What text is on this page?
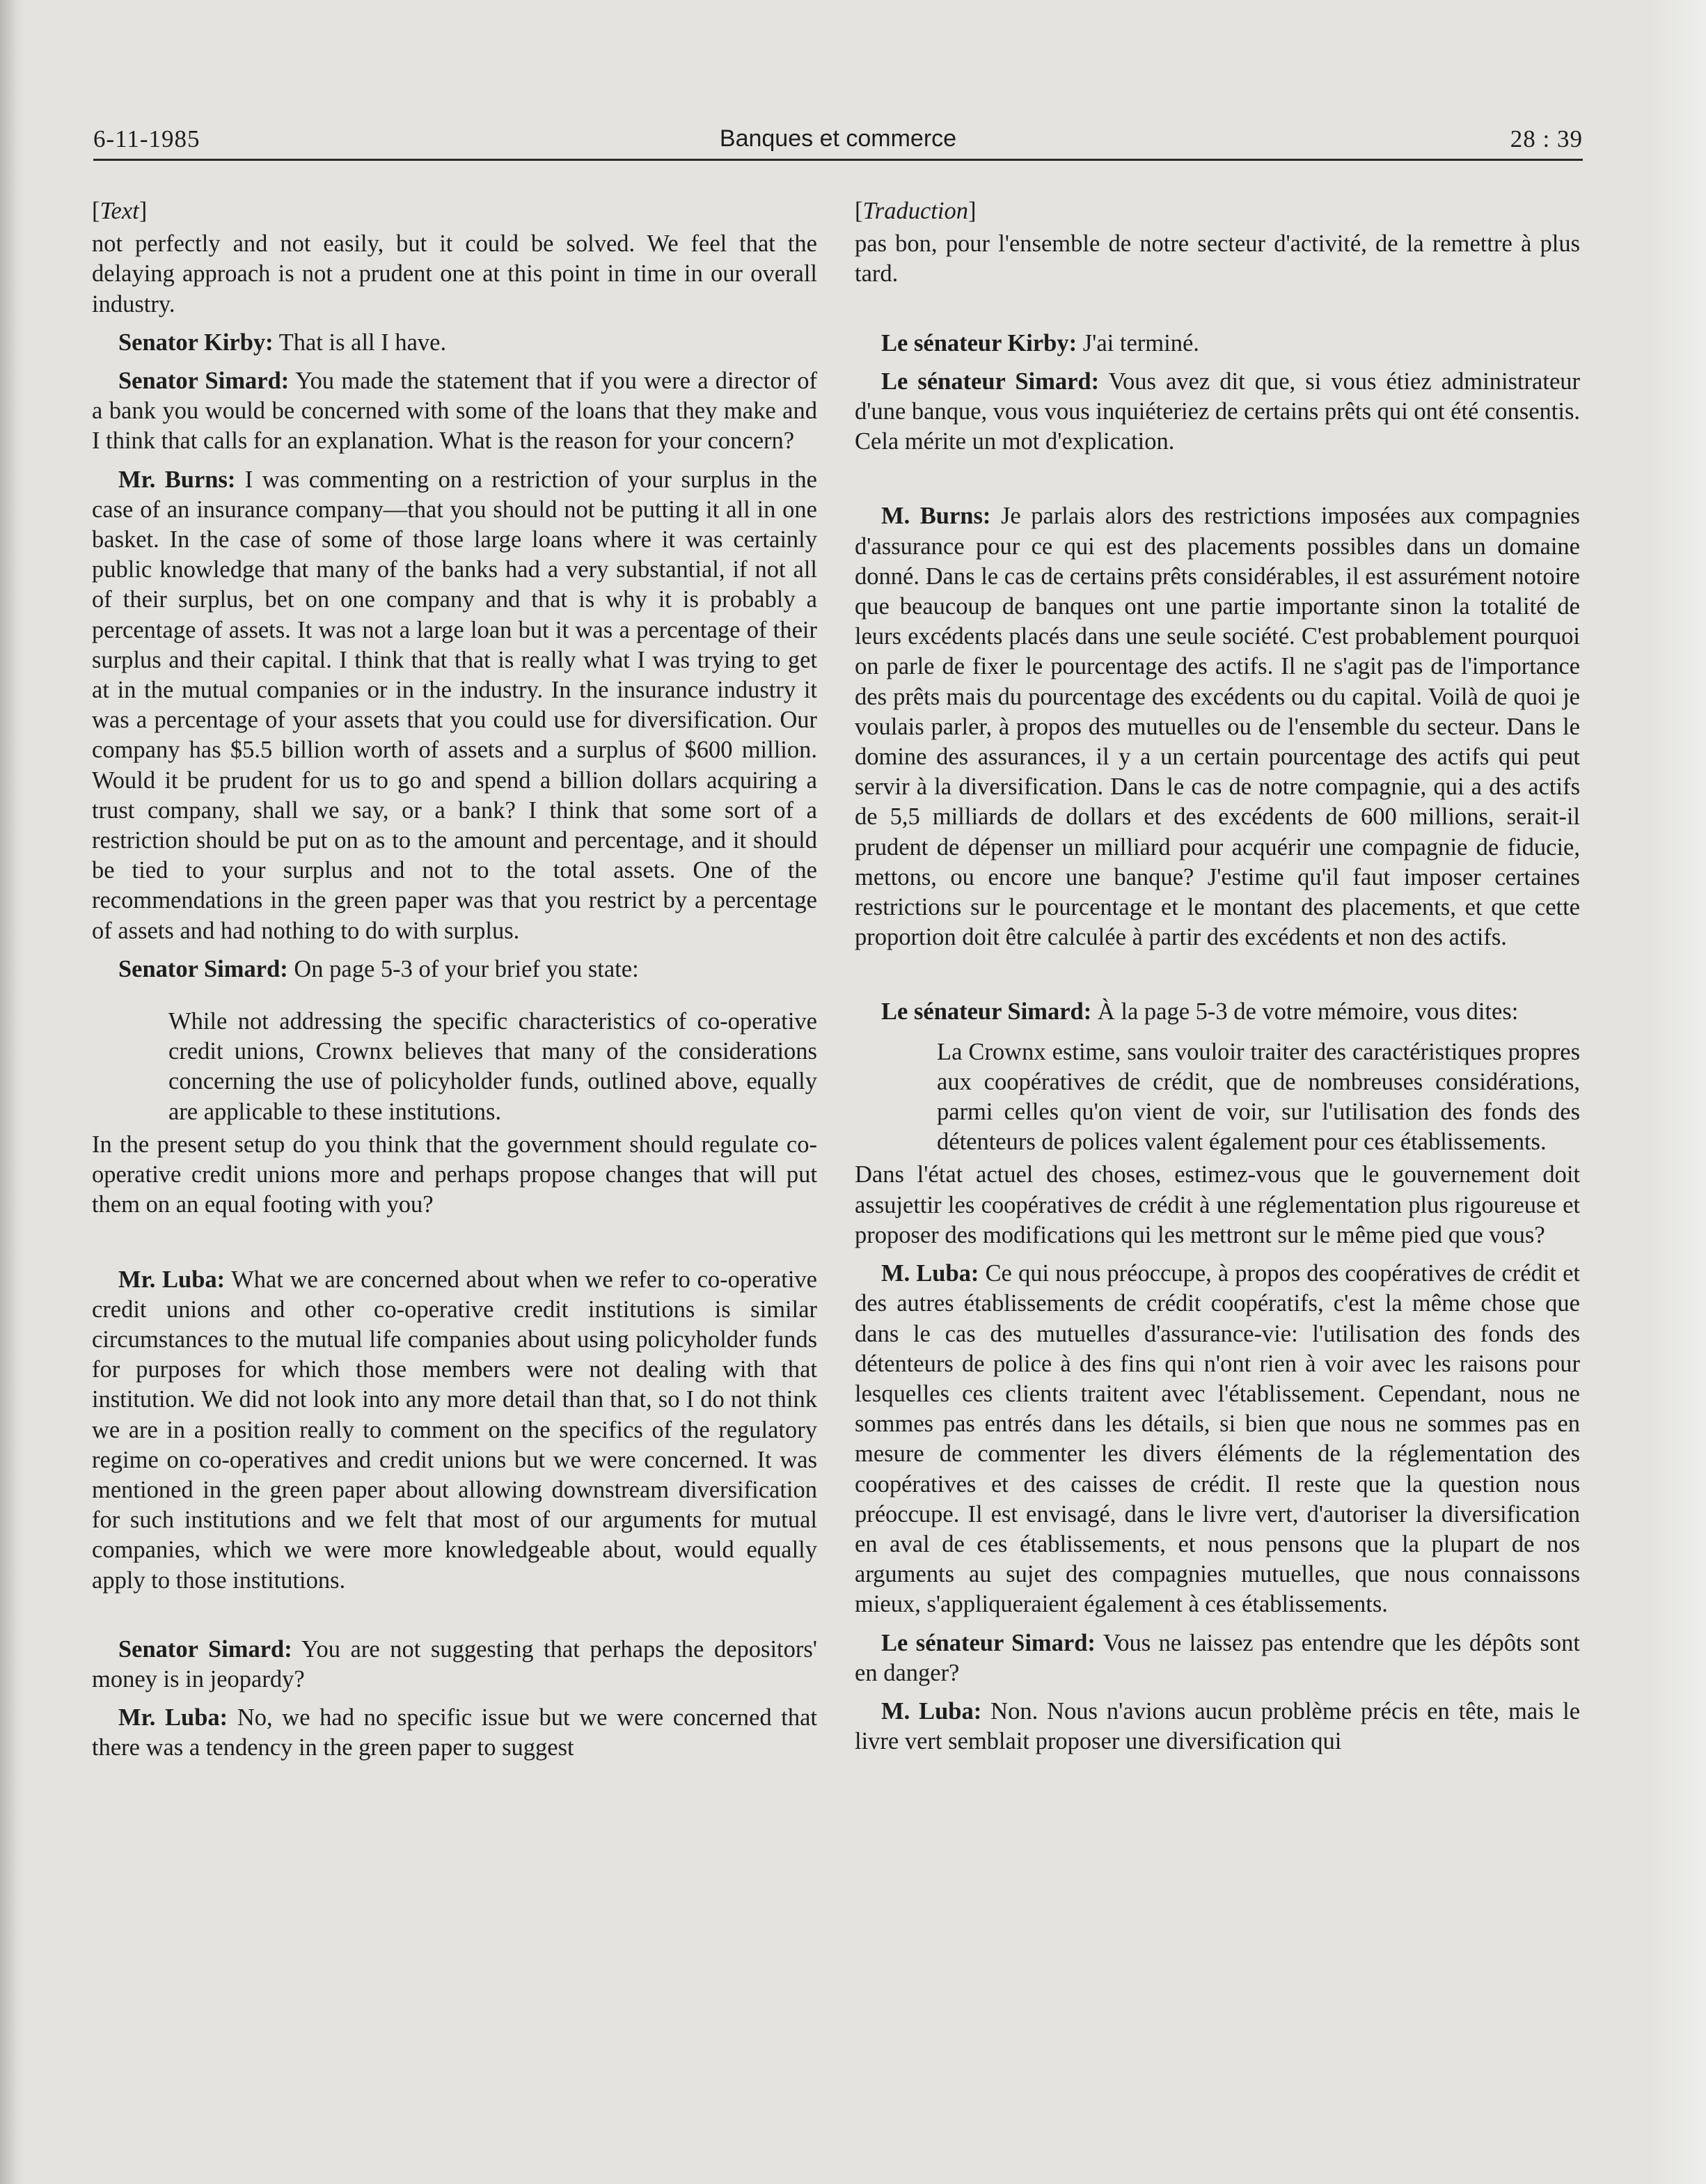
6-11-1985	Banques et commerce	28 : 39

[Text]

not perfectly and not easily, but it could be solved. We feel that the delaying approach is not a prudent one at this point in time in our overall industry.

Senator Kirby: That is all I have.

Senator Simard: You made the statement that if you were a director of a bank you would be concerned with some of the loans that they make and I think that calls for an explanation. What is the reason for your concern?

Mr. Burns: I was commenting on a restriction of your surplus in the case of an insurance company—that you should not be putting it all in one basket. In the case of some of those large loans where it was certainly public knowledge that many of the banks had a very substantial, if not all of their surplus, bet on one company and that is why it is probably a percentage of assets. It was not a large loan but it was a percentage of their surplus and their capital. I think that that is really what I was trying to get at in the mutual companies or in the industry. In the insurance industry it was a percentage of your assets that you could use for diversification. Our company has $5.5 billion worth of assets and a surplus of $600 million. Would it be prudent for us to go and spend a billion dollars acquiring a trust company, shall we say, or a bank? I think that some sort of a restriction should be put on as to the amount and percentage, and it should be tied to your surplus and not to the total assets. One of the recommendations in the green paper was that you restrict by a percentage of assets and had nothing to do with surplus.

Senator Simard: On page 5-3 of your brief you state:

While not addressing the specific characteristics of co-operative credit unions, Crownx believes that many of the considerations concerning the use of policyholder funds, outlined above, equally are applicable to these institutions.

In the present setup do you think that the government should regulate co-operative credit unions more and perhaps propose changes that will put them on an equal footing with you?

Mr. Luba: What we are concerned about when we refer to co-operative credit unions and other co-operative credit institutions is similar circumstances to the mutual life companies about using policyholder funds for purposes for which those members were not dealing with that institution. We did not look into any more detail than that, so I do not think we are in a position really to comment on the specifics of the regulatory regime on co-operatives and credit unions but we were concerned. It was mentioned in the green paper about allowing downstream diversification for such institutions and we felt that most of our arguments for mutual companies, which we were more knowledgeable about, would equally apply to those institutions.

Senator Simard: You are not suggesting that perhaps the depositors' money is in jeopardy?

Mr. Luba: No, we had no specific issue but we were concerned that there was a tendency in the green paper to suggest

[Traduction]

pas bon, pour l'ensemble de notre secteur d'activité, de la remettre à plus tard.

Le sénateur Kirby: J'ai terminé.

Le sénateur Simard: Vous avez dit que, si vous étiez administrateur d'une banque, vous vous inquiéteriez de certains prêts qui ont été consentis. Cela mérite un mot d'explication.

M. Burns: Je parlais alors des restrictions imposées aux compagnies d'assurance pour ce qui est des placements possibles dans un domaine donné. Dans le cas de certains prêts considérables, il est assurément notoire que beaucoup de banques ont une partie importante sinon la totalité de leurs excédents placés dans une seule société. C'est probablement pourquoi on parle de fixer le pourcentage des actifs. Il ne s'agit pas de l'importance des prêts mais du pourcentage des excédents ou du capital. Voilà de quoi je voulais parler, à propos des mutuelles ou de l'ensemble du secteur. Dans le domine des assurances, il y a un certain pourcentage des actifs qui peut servir à la diversification. Dans le cas de notre compagnie, qui a des actifs de 5,5 milliards de dollars et des excédents de 600 millions, serait-il prudent de dépenser un milliard pour acquérir une compagnie de fiducie, mettons, ou encore une banque? J'estime qu'il faut imposer certaines restrictions sur le pourcentage et le montant des placements, et que cette proportion doit être calculée à partir des excédents et non des actifs.

Le sénateur Simard: À la page 5-3 de votre mémoire, vous dites:

La Crownx estime, sans vouloir traiter des caractéristiques propres aux coopératives de crédit, que de nombreuses considérations, parmi celles qu'on vient de voir, sur l'utilisation des fonds des détenteurs de polices valent également pour ces établissements.

Dans l'état actuel des choses, estimez-vous que le gouvernement doit assujettir les coopératives de crédit à une réglementation plus rigoureuse et proposer des modifications qui les mettront sur le même pied que vous?

M. Luba: Ce qui nous préoccupe, à propos des coopératives de crédit et des autres établissements de crédit coopératifs, c'est la même chose que dans le cas des mutuelles d'assurance-vie: l'utilisation des fonds des détenteurs de police à des fins qui n'ont rien à voir avec les raisons pour lesquelles ces clients traitent avec l'établissement. Cependant, nous ne sommes pas entrés dans les détails, si bien que nous ne sommes pas en mesure de commenter les divers éléments de la réglementation des coopératives et des caisses de crédit. Il reste que la question nous préoccupe. Il est envisagé, dans le livre vert, d'autoriser la diversification en aval de ces établissements, et nous pensons que la plupart de nos arguments au sujet des compagnies mutuelles, que nous connaissons mieux, s'appliqueraient également à ces établissements.

Le sénateur Simard: Vous ne laissez pas entendre que les dépôts sont en danger?

M. Luba: Non. Nous n'avions aucun problème précis en tête, mais le livre vert semblait proposer une diversification qui
